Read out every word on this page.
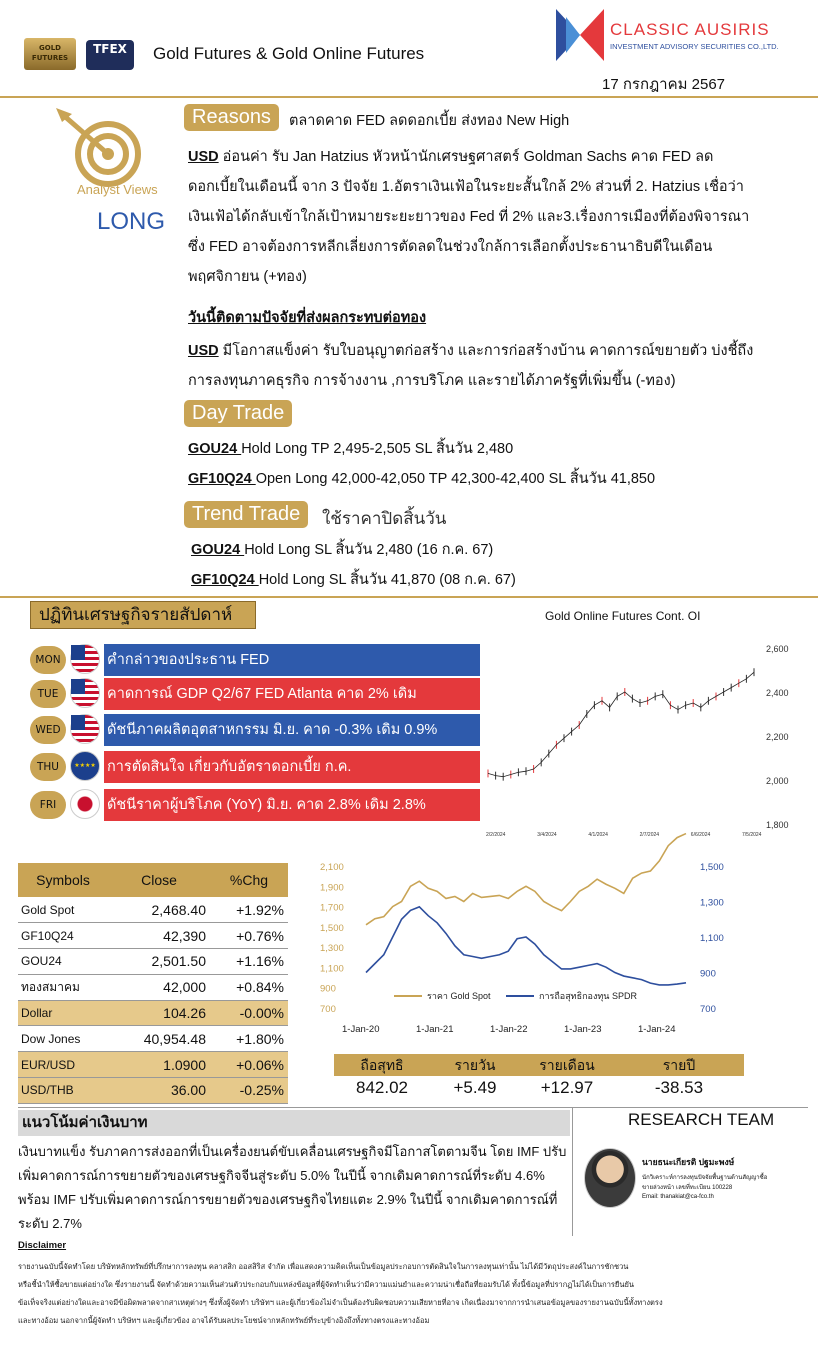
GOLD FUTURES
TFEX	Gold Futures & Gold Online Futures
CLASSIC AUSIRIS
INVESTMENT ADVISORY SECURITIES CO.,LTD.
17 กรกฎาคม 2567
Analyst Views
LONG
Reasons	ตลาดคาด FED ลดดอกเบี้ย ส่งทอง New High
USD อ่อนค่า รับ Jan Hatzius หัวหน้านักเศรษฐศาสตร์ Goldman Sachs คาด FED ลด
ดอกเบี้ยในเดือนนี้ จาก 3 ปัจจัย 1.อัตราเงินเฟ้อในระยะสั้นใกล้ 2% ส่วนที่ 2. Hatzius เชื่อว่า
เงินเฟ้อได้กลับเข้าใกล้เป้าหมายระยะยาวของ Fed ที่ 2% และ3.เรื่องการเมืองที่ต้องพิจารณา
ซึ่ง FED อาจต้องการหลีกเลี่ยงการตัดลดในช่วงใกล้การเลือกตั้งประธานาธิบดีในเดือน
พฤศจิกายน (+ทอง)
วันนี้ติดตามปัจจัยที่ส่งผลกระทบต่อทอง
USD มีโอกาสแข็งค่า รับใบอนุญาตก่อสร้าง และการก่อสร้างบ้าน คาดการณ์ขยายตัว บ่งชี้ถึง
การลงทุนภาคธุรกิจ การจ้างงาน ,การบริโภค และรายได้ภาครัฐที่เพิ่มขึ้น (-ทอง)
Day Trade
GOU24 Hold Long TP 2,495-2,505 SL สิ้นวัน 2,480
GF10Q24 Open Long 42,000-42,050 TP 42,300-42,400 SL สิ้นวัน 41,850
Trend Trade	ใช้ราคาปิดสิ้นวัน
GOU24 Hold Long SL สิ้นวัน 2,480 (16 ก.ค. 67)
GF10Q24 Hold Long SL สิ้นวัน 41,870 (08 ก.ค. 67)
ปฏิทินเศรษฐกิจรายสัปดาห์
MON	คำกล่าวของประธาน FED
TUE	คาดการณ์ GDP Q2/67 FED Atlanta คาด 2% เดิม
WED	ดัชนีภาคผลิตอุตสาหกรรม มิ.ย. คาด -0.3% เดิม 0.9%
THU	★★★★ การตัดสินใจ เกี่ยวกับอัตราดอกเบี้ย ก.ค.
FRI	ดัชนีราคาผู้บริโภค (YoY) มิ.ย. คาด 2.8% เดิม 2.8%
Gold Online Futures Cont. OI
2,600
2,400
2,200
2,000
1,800
2/2/2024	3/4/2024	4/1/2024	2/7/2024	6/6/2024	7/5/2024
Symbols	Close	%Chg
Gold Spot	2,468.40	+1.92%
GF10Q24	42,390	+0.76%
GOU24	2,501.50	+1.16%
ทองสมาคม	42,000	+0.84%
Dollar	104.26	-0.00%
Dow Jones	40,954.48	+1.80%
EUR/USD	1.0900	+0.06%
USD/THB	36.00	-0.25%
2,100
1,900
1,700
1,500
1,300
1,100
900
700
1,500
1,300
1,100
900
700
1-Jan-20	1-Jan-21	1-Jan-22	1-Jan-23	1-Jan-24
ราคา Gold Spot	การถือสุทธิกองทุน SPDR
ถือสุทธิ	รายวัน	รายเดือน	รายปี
842.02	+5.49	+12.97	-38.53
แนวโน้มค่าเงินบาท
เงินบาทแข็ง รับภาคการส่งออกที่เป็นเครื่องยนต์ขับเคลื่อนเศรษฐกิจมีโอกาสโตตามจีน โดย IMF ปรับ
เพิ่มคาดการณ์การขยายตัวของเศรษฐกิจจีนสู่ระดับ 5.0% ในปีนี้ จากเดิมคาดการณ์ที่ระดับ 4.6%
พร้อม IMF ปรับเพิ่มคาดการณ์การขยายตัวของเศรษฐกิจไทยแตะ 2.9% ในปีนี้ จากเดิมคาดการณ์ที่
ระดับ 2.7%
RESEARCH TEAM
นายธนะเกียรติ ปฐมะพงษ์
นักวิเคราะห์การลงทุนปัจจัยพื้นฐานด้านสัญญาซื้อ
ขายล่วงหน้า เลขที่ทะเบียน 100228
Email: thanakiat@ca-fco.th
Disclaimer
รายงานฉบับนี้จัดทำโดย บริษัทหลักทรัพย์ที่ปรึกษาการลงทุน คลาสสิก ออสสิริส จำกัด เพื่อแสดงความคิดเห็นเป็นข้อมูลประกอบการตัดสินใจในการลงทุนเท่านั้น ไม่ได้มีวัตถุประสงค์ในการชักชวน
หรือชี้นำให้ซื้อขายแต่อย่างใด ซึ่งรายงานนี้ จัดทำด้วยความเห็นส่วนตัวประกอบกับแหล่งข้อมูลที่ผู้จัดทำเห็นว่ามีความแม่นยำและความน่าเชื่อถือที่ยอมรับได้ ทั้งนี้ข้อมูลที่ปรากฏไม่ได้เป็นการยืนยัน
ข้อเท็จจริงแต่อย่างใดและอาจมีข้อผิดพลาดจากสาเหตุต่างๆ ซึ่งทั้งผู้จัดทำ บริษัทฯ และผู้เกี่ยวข้องไม่จำเป็นต้องรับผิดชอบความเสียหายที่อาจ เกิดเนื่องมาจากการนำเสนอข้อมูลของรายงานฉบับนี้ทั้งทางตรง
และทางอ้อม นอกจากนี้ผู้จัดทำ บริษัทฯ และผู้เกี่ยวข้อง อาจได้รับผลประโยชน์จากหลักทรัพย์ที่ระบุข้างอิงถึงทั้งทางตรงและทางอ้อม
